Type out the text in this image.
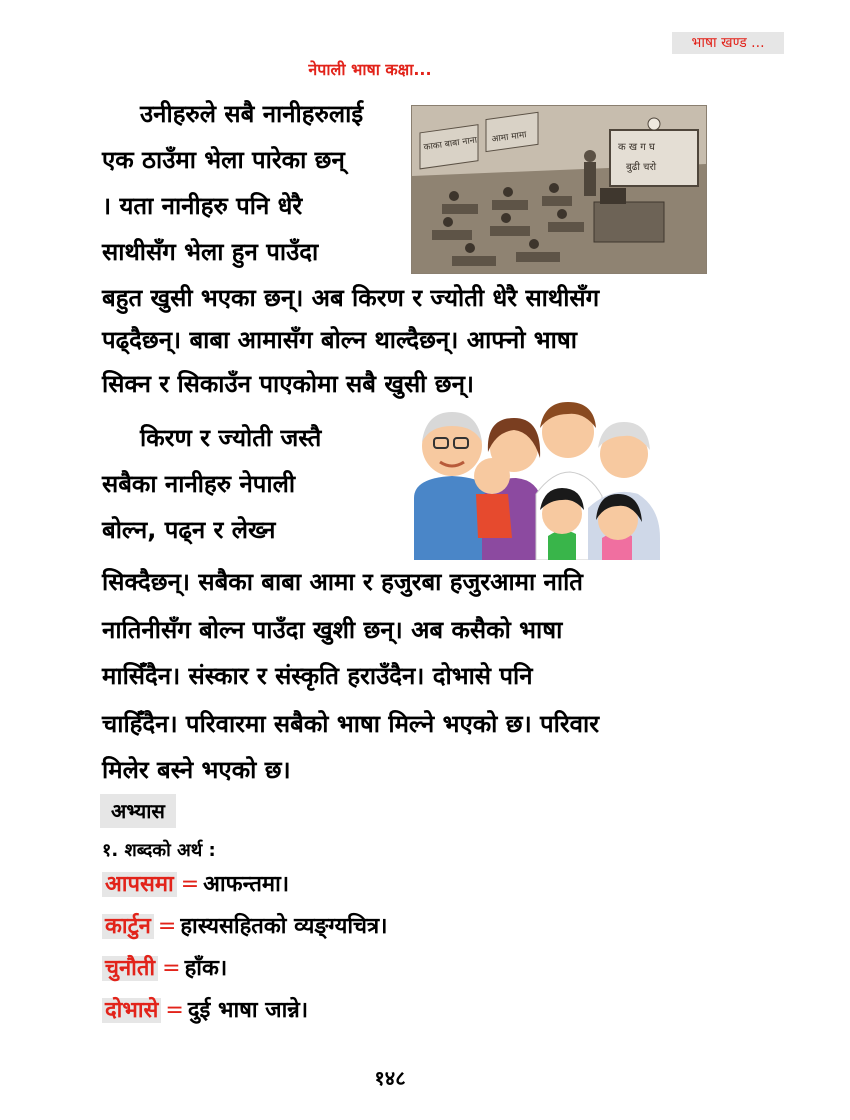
भाषा खण्ड ...
नेपाली भाषा कक्षा...
उनीहरुले सबै नानीहरुलाई
एक ठाउँमा भेला पारेका छन्
। यता नानीहरु पनि धेरै
साथीसँग भेला हुन पाउँदा
बहुत खुसी भएका छन्। अब किरण र ज्योती धेरै साथीसँग
पढ्दैछन्। बाबा आमासँग बोल्न थाल्दैछन्। आफ्नो भाषा
सिक्न र सिकाउँन पाएकोमा सबै खुसी छन्।
काका बाबा नाना आमा मामा
क ख ग घ
बुढी चरो
किरण र ज्योती जस्तै
सबैका नानीहरु नेपाली
बोल्न, पढ्न र लेख्न
सिक्दैछन्। सबैका बाबा आमा र हजुरबा हजुरआमा नाति
नातिनीसँग बोल्न पाउँदा खुशी छन्। अब कसैको भाषा
मासिँदैन। संस्कार र संस्कृति हराउँदैन। दोभासे पनि
चाहिँदैन। परिवारमा सबैको भाषा मिल्ने भएको छ। परिवार
मिलेर बस्ने भएको छ।
अभ्यास
१. शब्दको अर्थ :
आपसमा = आफन्तमा।
कार्टुन = हास्यसहितको व्यङ्ग्यचित्र।
चुनौती = हाँक।
दोभासे = दुई भाषा जान्ने।
१४८
